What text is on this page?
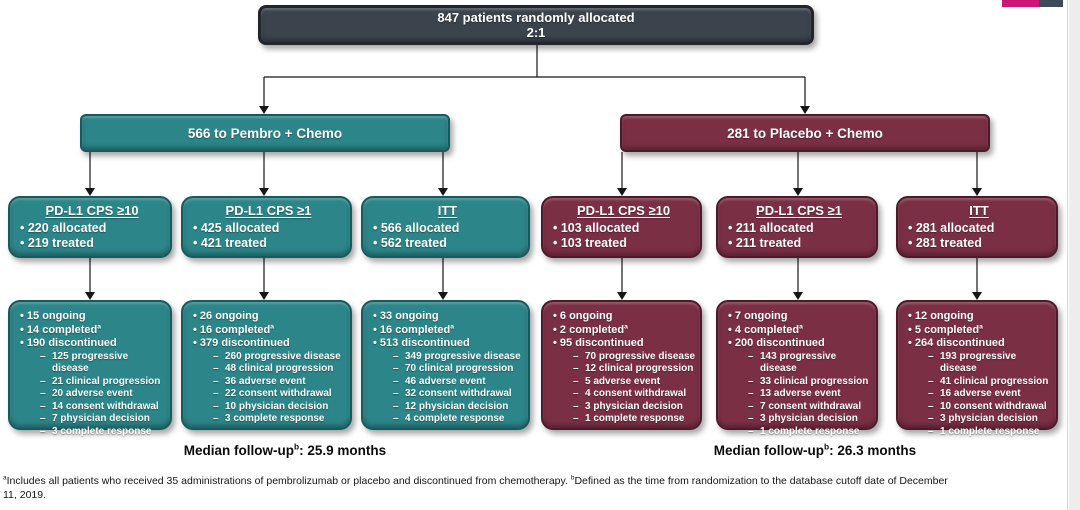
847 patients randomly allocated
2:1
566 to Pembro + Chemo	281 to Placebo + Chemo
PD-L1 CPS ≥10
• 220 allocated
• 219 treated
• 15 ongoing
• 14 completed$^a$
• 190 discontinued
– 125 progressive disease
– 21 clinical progression
– 20 adverse event
– 14 consent withdrawal
– 7 physician decision
– 3 complete response
PD-L1 CPS ≥1
• 425 allocated
• 421 treated
• 26 ongoing
• 16 completed$^a$
• 379 discontinued
– 260 progressive disease
– 48 clinical progression
– 36 adverse event
– 22 consent withdrawal
– 10 physician decision
– 3 complete response
ITT
• 566 allocated
• 562 treated
• 33 ongoing
• 16 completed$^a$
• 513 discontinued
– 349 progressive disease
– 70 clinical progression
– 46 adverse event
– 32 consent withdrawal
– 12 physician decision
– 4 complete response
PD-L1 CPS ≥10
• 103 allocated
• 103 treated
• 6 ongoing
• 2 completed$^a$
• 95 discontinued
– 70 progressive disease
– 12 clinical progression
– 5 adverse event
– 4 consent withdrawal
– 3 physician decision
– 1 complete response
PD-L1 CPS ≥1
• 211 allocated
• 211 treated
• 7 ongoing
• 4 completed$^a$
• 200 discontinued
– 143 progressive disease
– 33 clinical progression
– 13 adverse event
– 7 consent withdrawal
– 3 physician decision
– 1 complete response
ITT
• 281 allocated
• 281 treated
• 12 ongoing
• 5 completed$^a$
• 264 discontinued
– 193 progressive disease
– 41 clinical progression
– 16 adverse event
– 10 consent withdrawal
– 3 physician decision
– 1 complete response
Median follow-$up^b$: 25.9 months	Median follow-$up^b$: 26.3 months
$^a$Includes all patients who received 35 administrations of pembrolizumab or placebo and discontinued from chemotherapy. $^b$Defined as the time from randomization to the database cutoff date of December 11, 2019.
